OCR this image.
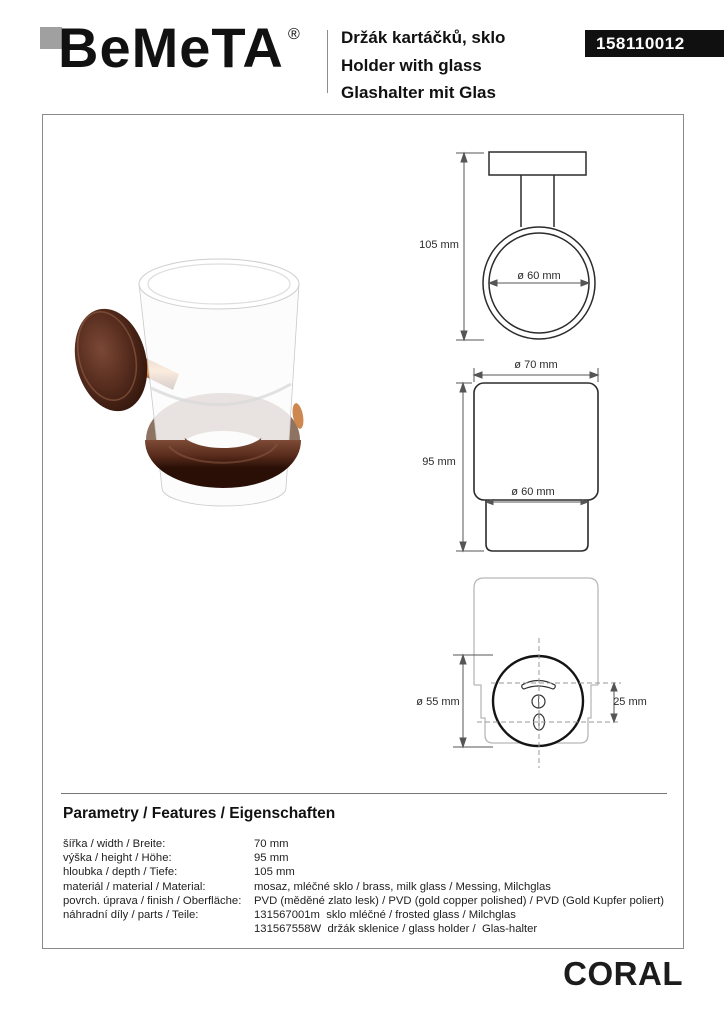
BeMeTA ® Držák kartáčků, sklo
Holder with glass
Glashalter mit Glas
158110012
105 mm
ø 60 mm
ø 70 mm
95 mm
ø 60 mm
ø 55 mm	25 mm
Parametry / Features / Eigenschaften
šířka / width / Breite:	70 mm
výška / height / Höhe:	95 mm
hloubka / depth / Tiefe:	105 mm
materiál / material / Material:	mosaz, mléčné sklo / brass, milk glass / Messing, Milchglas
povrch. úprava / finish / Oberfläche:	PVD (měděné zlato lesk) / PVD (gold copper polished) / PVD (Gold Kupfer poliert)
náhradní díly / parts / Teile:	131567001m  sklo mléčné / frosted glass / Milchglas
131567558W  držák sklenice / glass holder /  Glas-halter
CORAL
